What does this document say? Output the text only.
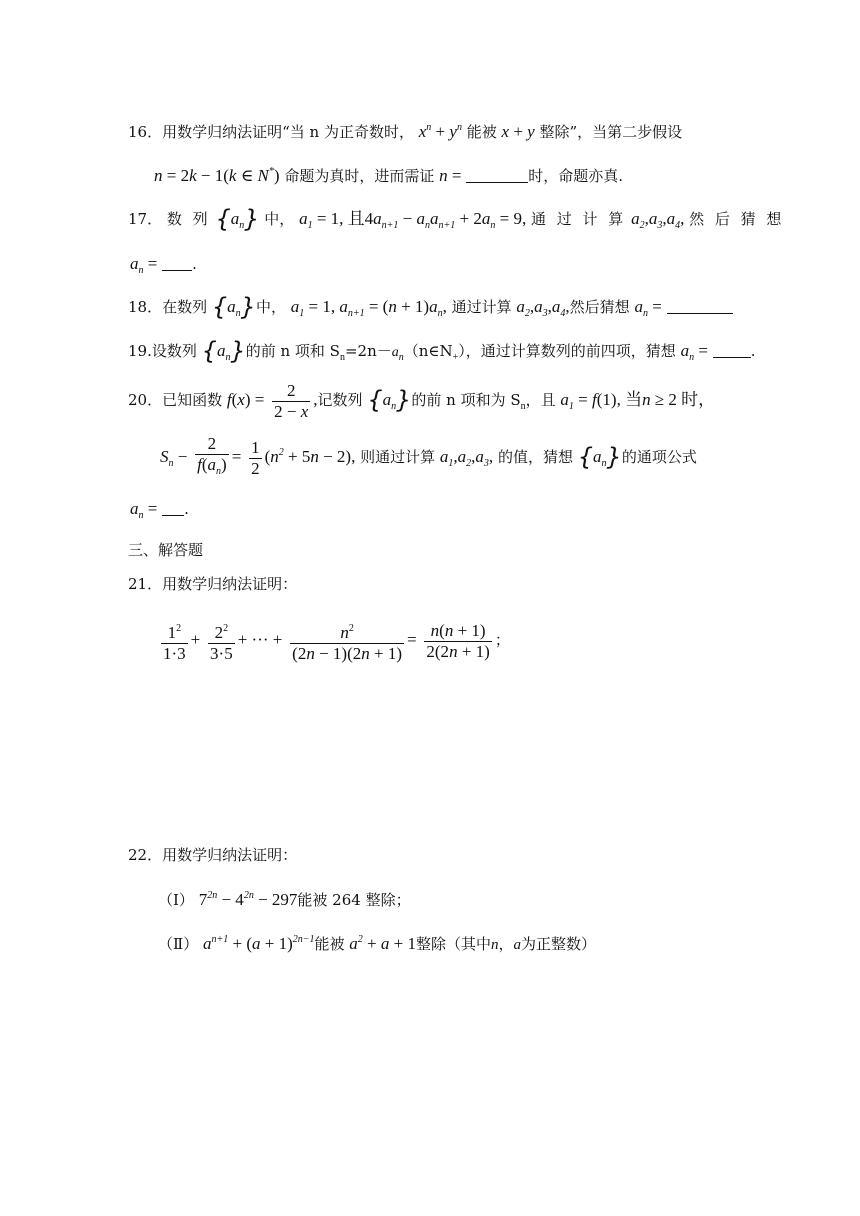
16．用数学归纳法证明“当 n 为正奇数时， $x^n + y^n$ 能被 x + y 整除”，当第二步假设
n = 2k − 1(k ∈ N*) 命题为真时，进而需证 n =	时，命题亦真.
17． 数 列 $\{a_n\}$ 中， $a_1 = 1$, 且$4a_{n+1} - a_na_{n+1} + 2a_n = 9$, 通 过 计 算 $a_2,a_3,a_4$, 然 后 猜 想
$a_n$ = .
18．在数列 $\{a_n\}$中， $a_1 = 1$, $a_{n+1} = (n + 1)a_n$, 通过计算 $a_2,a_3,a_4$,然后猜想 $a_n$ =
19.设数列 $\{a_n\}$的前 n 项和 $S_n=2n-a_n(n\in N_+)$，通过计算数列的前四项，猜想 $a_n$ =	.
20．已知函数 $f(x) = \frac{2}{2 - x}$ ,记数列 $\{a_n\}$的前 n 项和为 $S_n$，且 $a_1 = f(1)$, 当n ≥ 2 时，
$S_n - \frac{2}{f(a_n)} = \frac{1}{2} (n^2 + 5n - 2)$, 则通过计算 $a_1,a_2,a_3$, 的值，猜想 $\{a_n\}$的通项公式
$a_n$ = .
三、解答题
21．用数学归纳法证明：
$\frac{1^2}{1\cdot 3} + \frac{2^2}{3\cdot 5}$ + ··· + $\frac{n^2}{(2n - 1)(2n + 1)} = \frac{n(n + 1)}{2(2n + 1)}$ ；
22．用数学归纳法证明：
（Ⅰ） $7^{2n} - 4^{2n} - 297$能被 264 整除；
（Ⅱ） $a^{n+1} + (a + 1)^{2n-1}$能被 $a^2 + a + 1$整除（其中n，a为正整数）
